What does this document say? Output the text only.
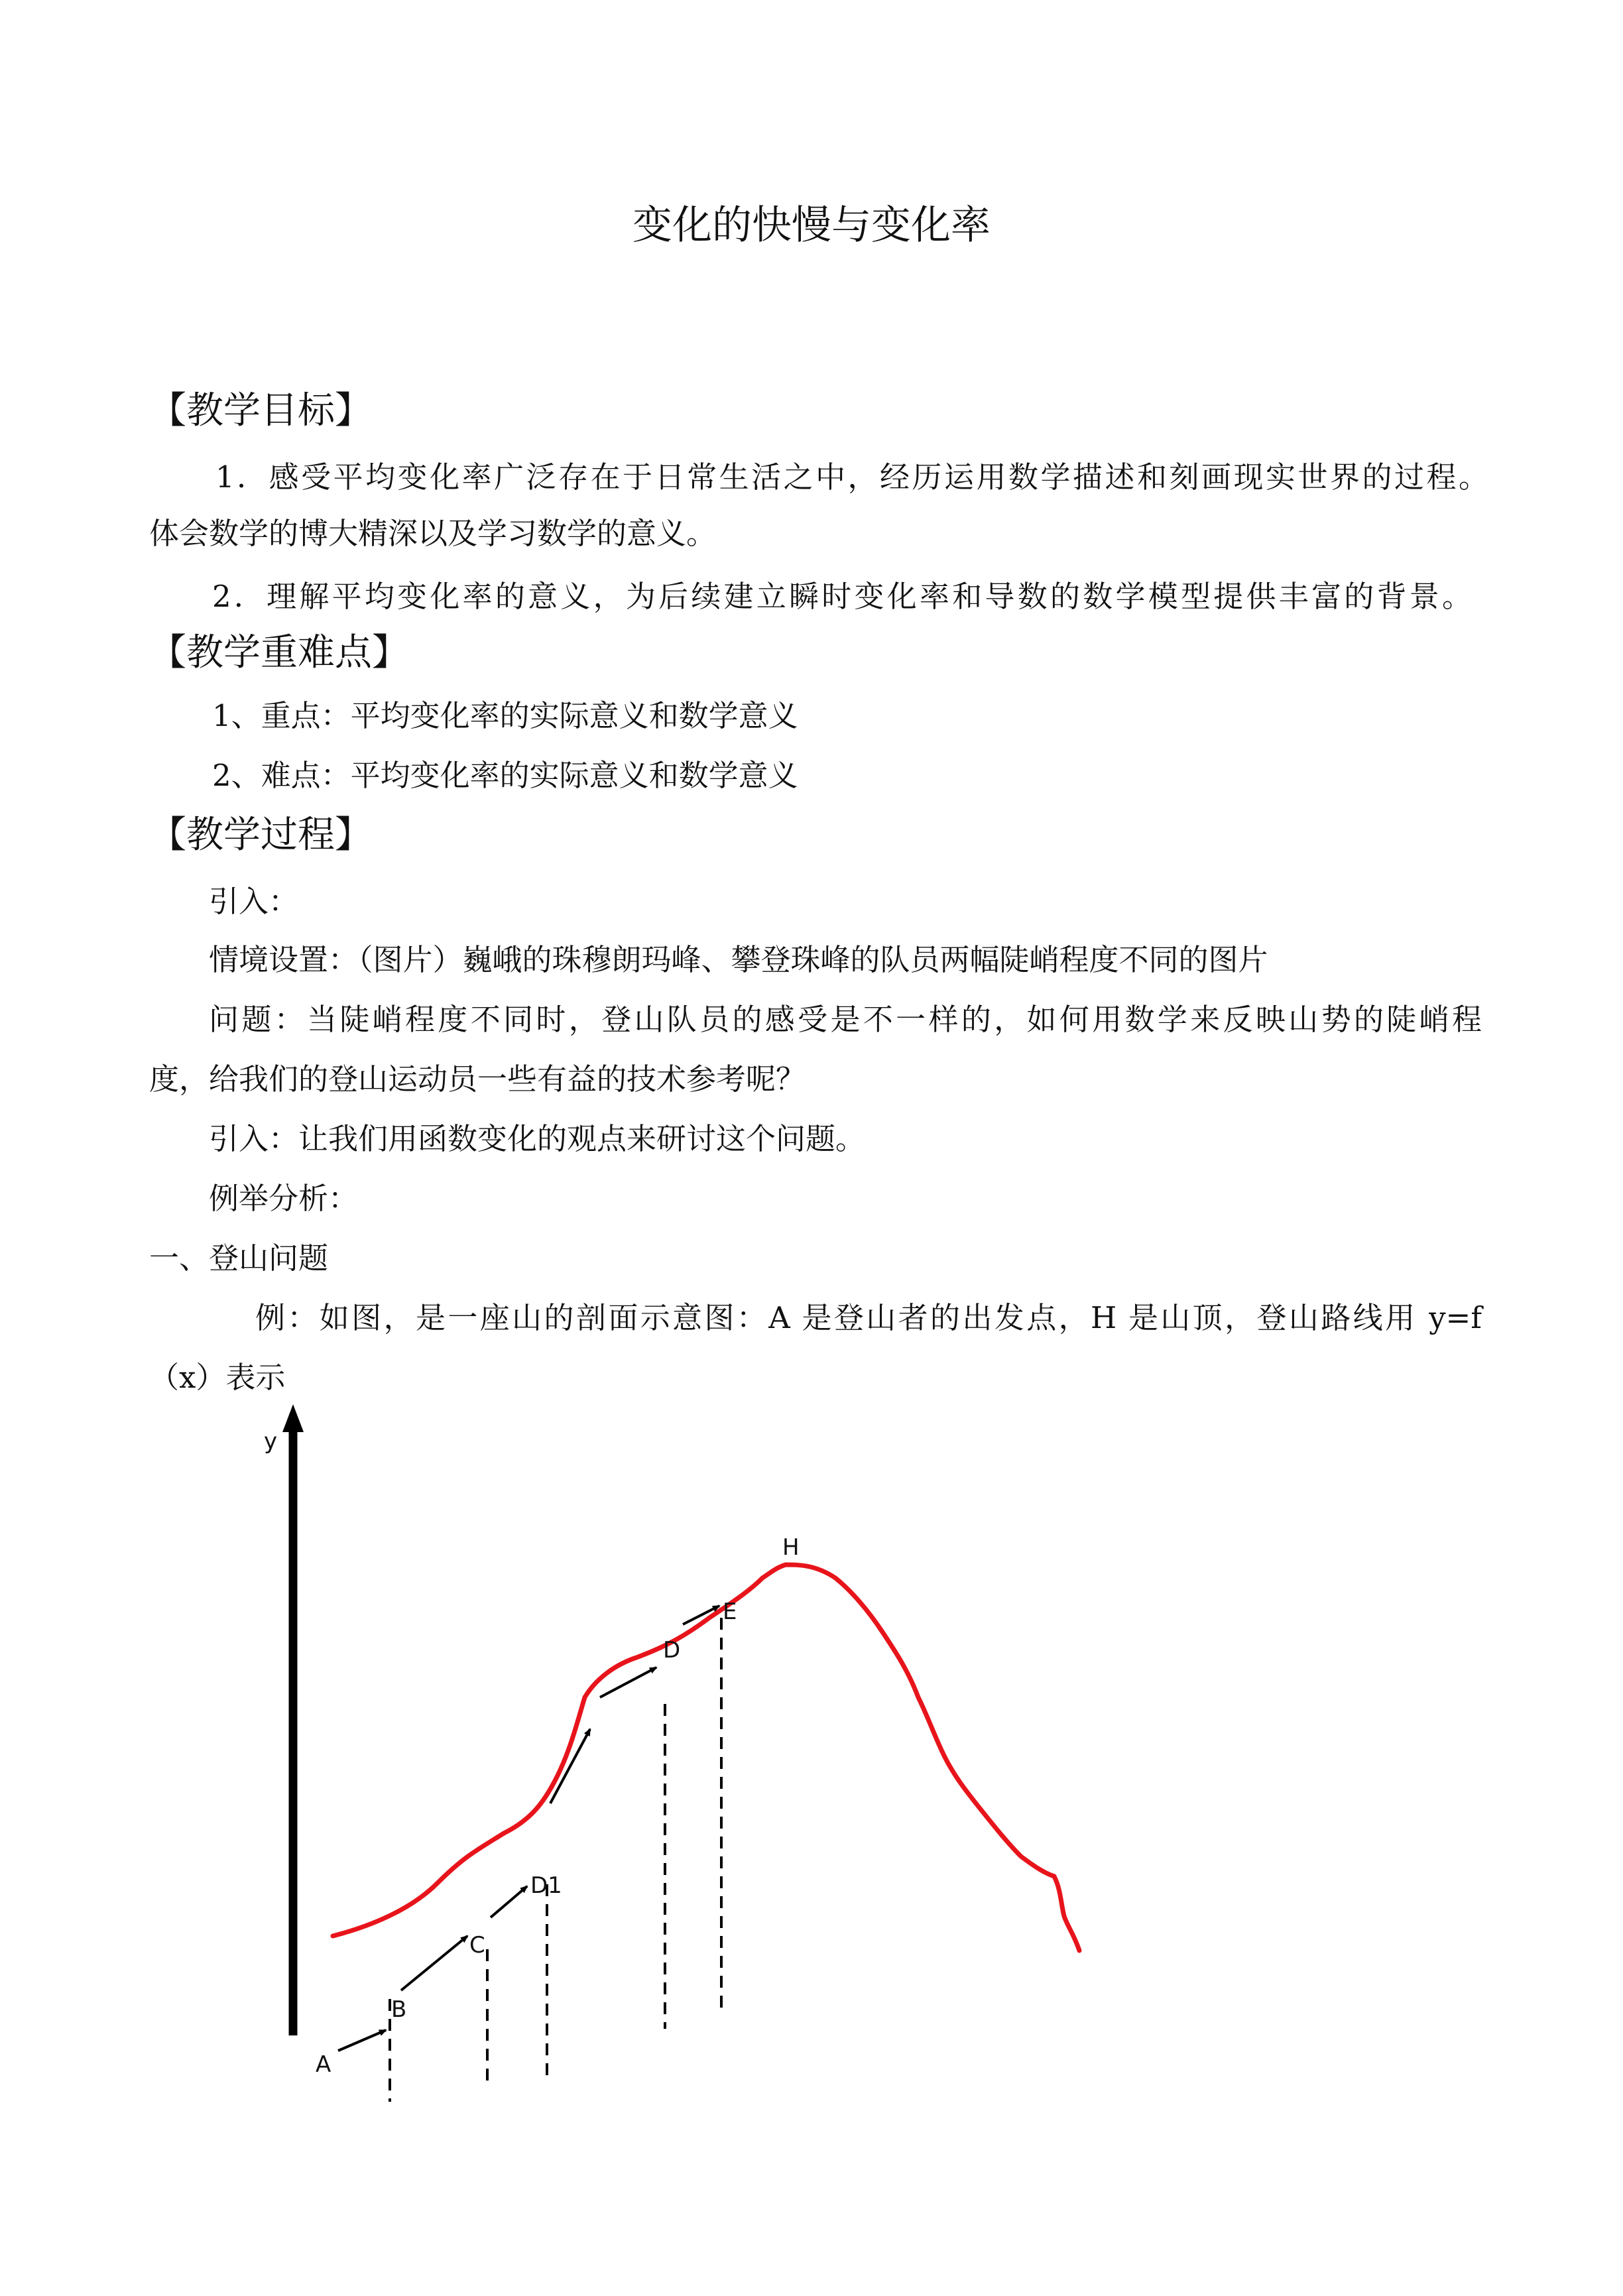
变化的快慢与变化率
【教学目标】
1．感受平均变化率广泛存在于日常生活之中，经历运用数学描述和刻画现实世界的过程。
体会数学的博大精深以及学习数学的意义。
2．理解平均变化率的意义，为后续建立瞬时变化率和导数的数学模型提供丰富的背景。
【教学重难点】
1、重点：平均变化率的实际意义和数学意义
2、难点：平均变化率的实际意义和数学意义
【教学过程】
引入：
情境设置：（图片）巍峨的珠穆朗玛峰、攀登珠峰的队员两幅陡峭程度不同的图片
问题：当陡峭程度不同时，登山队员的感受是不一样的，如何用数学来反映山势的陡峭程
度，给我们的登山运动员一些有益的技术参考呢？
引入：让我们用函数变化的观点来研讨这个问题。
例举分析：
一、登山问题
例：如图，是一座山的剖面示意图：A 是登山者的出发点，H 是山顶，登山路线用 y=f
（x）表示
y
A
B
C
D1
D
E
H
